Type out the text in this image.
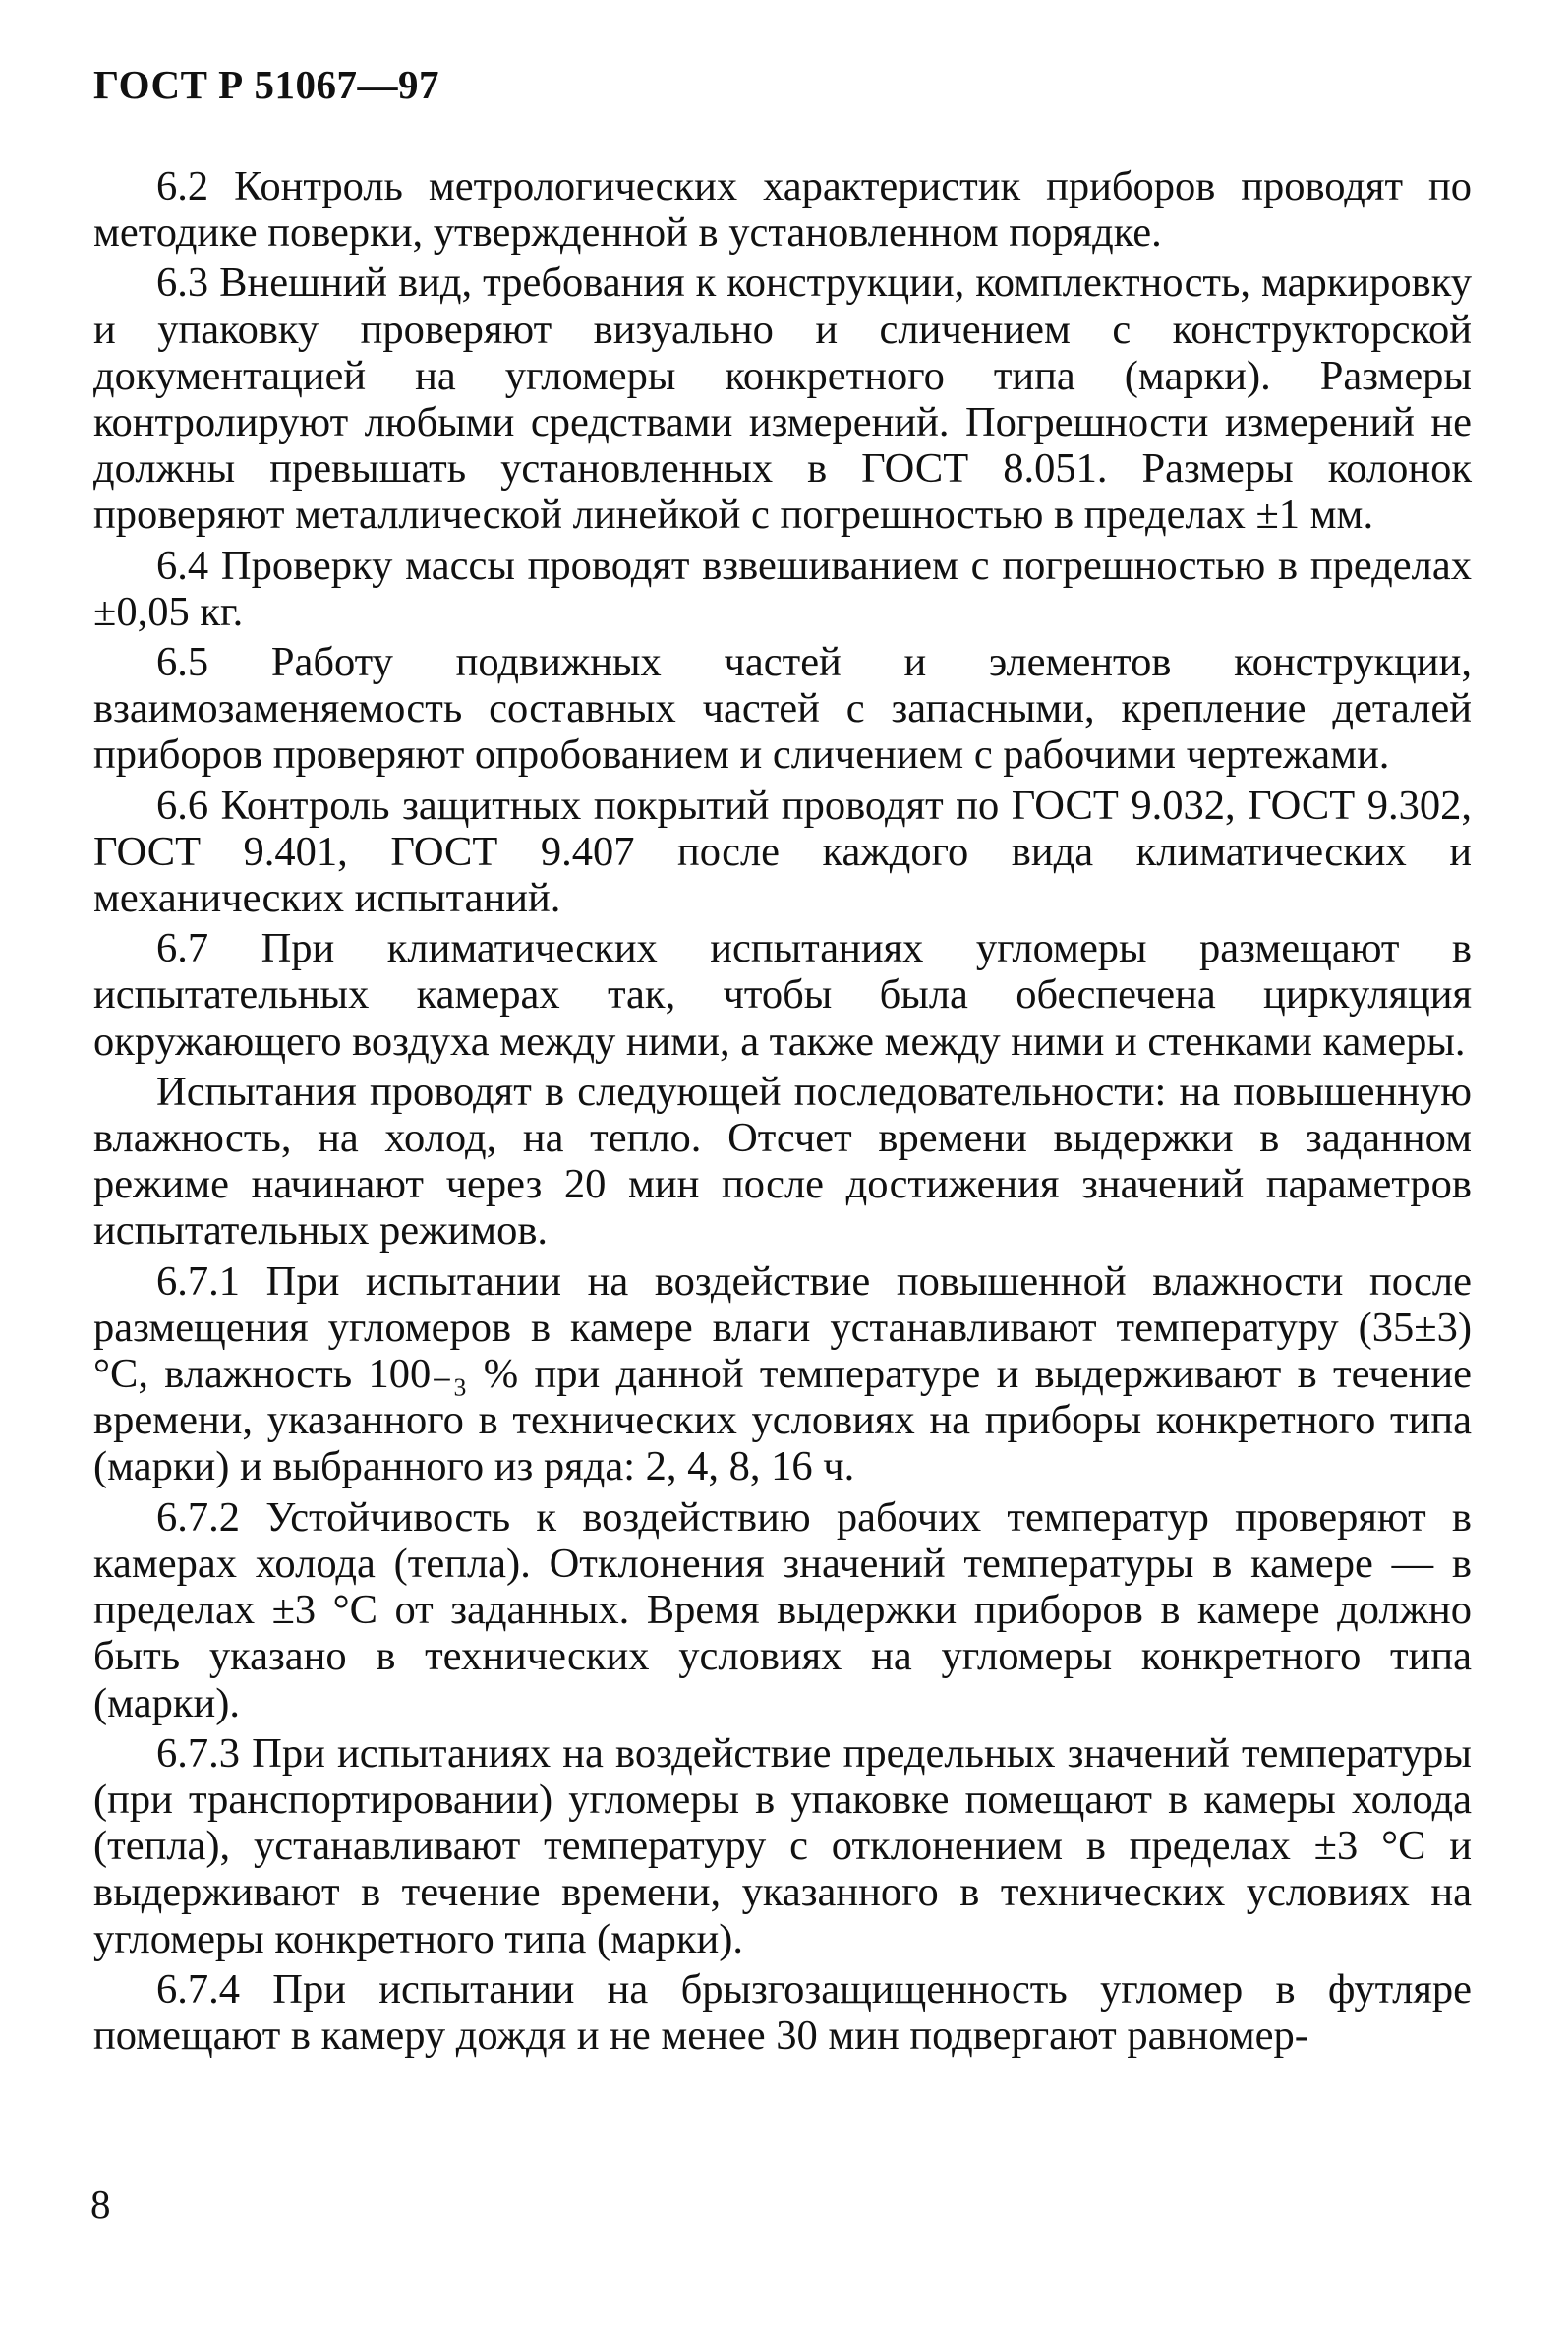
ГОСТ Р 51067—97

6.2 Контроль метрологических характеристик приборов проводят по методике поверки, утвержденной в установленном порядке.

6.3 Внешний вид, требования к конструкции, комплектность, маркировку и упаковку проверяют визуально и сличением с конструкторской документацией на угломеры конкретного типа (марки). Размеры контролируют любыми средствами измерений. Погрешности измерений не должны превышать установленных в ГОСТ 8.051. Размеры колонок проверяют металлической линейкой с погрешностью в пределах ±1 мм.

6.4 Проверку массы проводят взвешиванием с погрешностью в пределах ±0,05 кг.

6.5 Работу подвижных частей и элементов конструкции, взаимозаменяемость составных частей с запасными, крепление деталей приборов проверяют опробованием и сличением с рабочими чертежами.

6.6 Контроль защитных покрытий проводят по ГОСТ 9.032, ГОСТ 9.302, ГОСТ 9.401, ГОСТ 9.407 после каждого вида климатических и механических испытаний.

6.7 При климатических испытаниях угломеры размещают в испытательных камерах так, чтобы была обеспечена циркуляция окружающего воздуха между ними, а также между ними и стенками камеры.

Испытания проводят в следующей последовательности: на повышенную влажность, на холод, на тепло. Отсчет времени выдержки в заданном режиме начинают через 20 мин после достижения значений параметров испытательных режимов.

6.7.1 При испытании на воздействие повышенной влажности после размещения угломеров в камере влаги устанавливают температуру (35±3) °С, влажность 100₋₃ % при данной температуре и выдерживают в течение времени, указанного в технических условиях на приборы конкретного типа (марки) и выбранного из ряда: 2, 4, 8, 16 ч.

6.7.2 Устойчивость к воздействию рабочих температур проверяют в камерах холода (тепла). Отклонения значений температуры в камере — в пределах ±3 °С от заданных. Время выдержки приборов в камере должно быть указано в технических условиях на угломеры конкретного типа (марки).

6.7.3 При испытаниях на воздействие предельных значений температуры (при транспортировании) угломеры в упаковке помещают в камеры холода (тепла), устанавливают температуру с отклонением в пределах ±3 °С и выдерживают в течение времени, указанного в технических условиях на угломеры конкретного типа (марки).

6.7.4 При испытании на брызгозащищенность угломер в футляре помещают в камеру дождя и не менее 30 мин подвергают равномер-

8
